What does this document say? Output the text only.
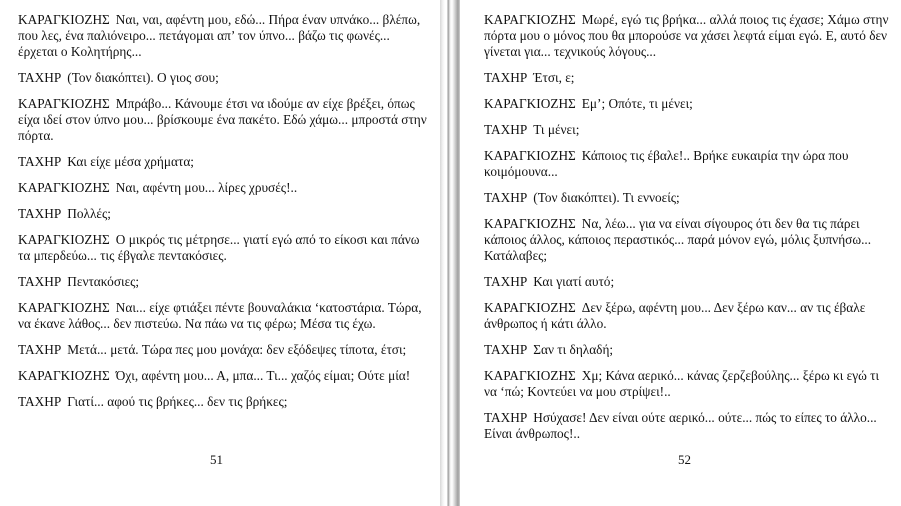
ΚΑΡΑΓΚΙΟΖΗΣ Ναι, ναι, αφέντη μου, εδώ... Πήρα έναν υπνάκο... βλέπω, που λες, ένα παλιόνειρο... πετάγομαι απ’ τον ύπνο... βάζω τις φωνές... έρχεται ο Κολητήρης...

ΤΑΧΗΡ (Τον διακόπτει). Ο γιος σου;

ΚΑΡΑΓΚΙΟΖΗΣ Μπράβο... Κάνουμε έτσι να ιδούμε αν είχε βρέξει, όπως είχα ιδεί στον ύπνο μου... βρίσκουμε ένα πακέτο. Εδώ χάμω... μπροστά στην πόρτα.

ΤΑΧΗΡ Και είχε μέσα χρήματα;

ΚΑΡΑΓΚΙΟΖΗΣ Ναι, αφέντη μου... λίρες χρυσές!..

ΤΑΧΗΡ Πολλές;

ΚΑΡΑΓΚΙΟΖΗΣ Ο μικρός τις μέτρησε... γιατί εγώ από το είκοσι και πάνω τα μπερδεύω... τις έβγαλε πεντακόσιες.

ΤΑΧΗΡ Πεντακόσιες;

ΚΑΡΑΓΚΙΟΖΗΣ Ναι... είχε φτιάξει πέντε βουναλάκια ‘κατοστάρια. Τώρα, να έκανε λάθος... δεν πιστεύω. Να πάω να τις φέρω; Μέσα τις έχω.

ΤΑΧΗΡ Μετά... μετά. Τώρα πες μου μονάχα: δεν εξόδεψες τίποτα, έτσι;

ΚΑΡΑΓΚΙΟΖΗΣ Όχι, αφέντη μου... Α, μπα... Τι... χαζός είμαι; Ούτε μία!

ΤΑΧΗΡ Γιατί... αφού τις βρήκες... δεν τις βρήκες;

51

ΚΑΡΑΓΚΙΟΖΗΣ Μωρέ, εγώ τις βρήκα... αλλά ποιος τις έχασε; Χάμω στην πόρτα μου ο μόνος που θα μπορούσε να χάσει λεφτά είμαι εγώ. Ε, αυτό δεν γίνεται για... τεχνικούς λόγους...

ΤΑΧΗΡ Έτσι, ε;

ΚΑΡΑΓΚΙΟΖΗΣ Εμ’; Οπότε, τι μένει;

ΤΑΧΗΡ Τι μένει;

ΚΑΡΑΓΚΙΟΖΗΣ Κάποιος τις έβαλε!.. Βρήκε ευκαιρία την ώρα που κοιμόμουνα...

ΤΑΧΗΡ (Τον διακόπτει). Τι εννοείς;

ΚΑΡΑΓΚΙΟΖΗΣ Να, λέω... για να είναι σίγουρος ότι δεν θα τις πάρει κάποιος άλλος, κάποιος περαστικός... παρά μόνον εγώ, μόλις ξυπνήσω... Κατάλαβες;

ΤΑΧΗΡ Και γιατί αυτό;

ΚΑΡΑΓΚΙΟΖΗΣ Δεν ξέρω, αφέντη μου... Δεν ξέρω καν... αν τις έβαλε άνθρωπος ή κάτι άλλο.

ΤΑΧΗΡ Σαν τι δηλαδή;

ΚΑΡΑΓΚΙΟΖΗΣ Χμ; Κάνα αερικό... κάνας ζερζεβούλης... ξέρω κι εγώ τι να ‘πώ; Κοντεύει να μου στρίψει!..

ΤΑΧΗΡ Ησύχασε! Δεν είναι ούτε αερικό... ούτε... πώς το είπες το άλλο... Είναι άνθρωπος!..

52
